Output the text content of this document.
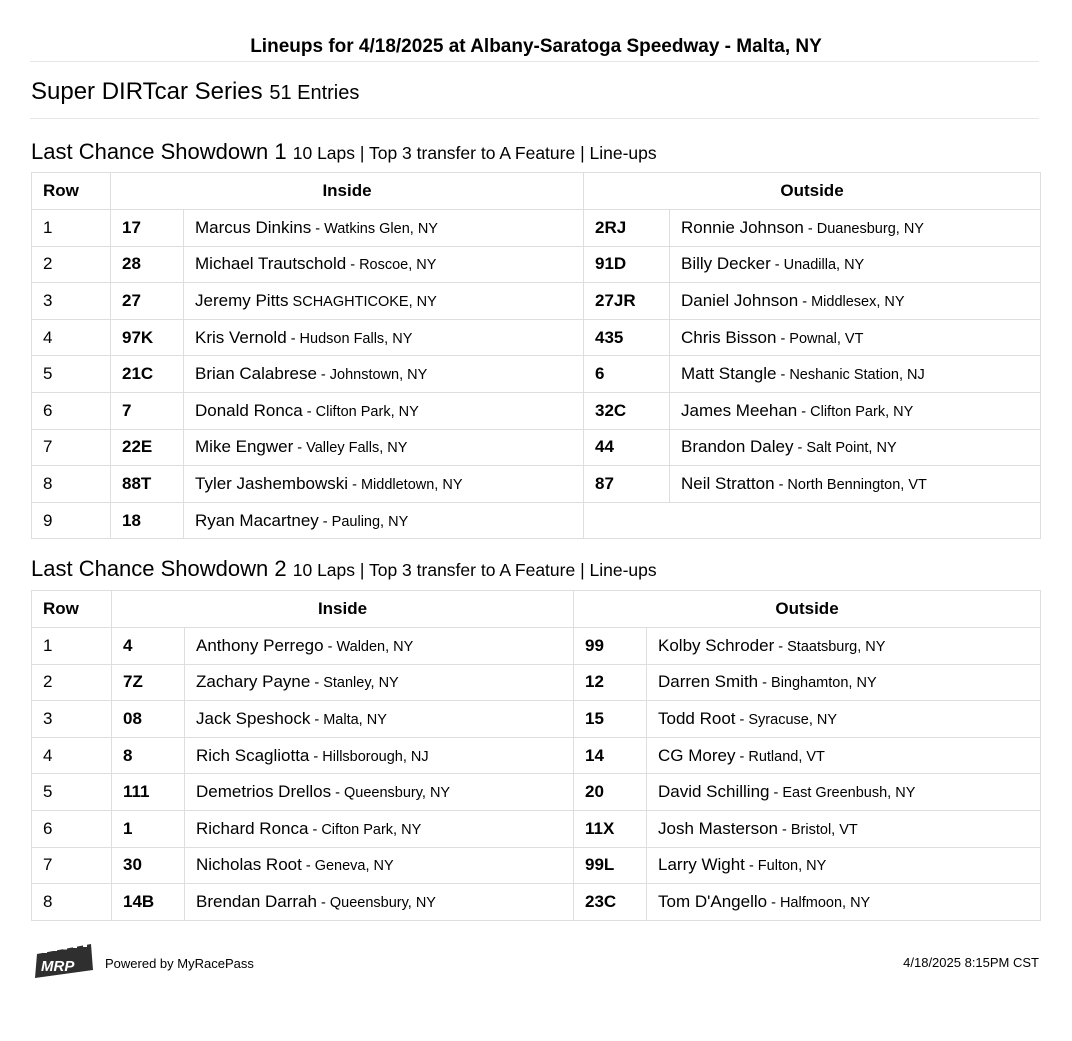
Lineups for 4/18/2025 at Albany-Saratoga Speedway - Malta, NY
Super DIRTcar Series 51 Entries
Last Chance Showdown 1 10 Laps | Top 3 transfer to A Feature | Line-ups
Row	Inside		Outside	
1	17	Marcus Dinkins - Watkins Glen, NY	2RJ	Ronnie Johnson - Duanesburg, NY
2	28	Michael Trautschold - Roscoe, NY	91D	Billy Decker - Unadilla, NY
3	27	Jeremy Pitts SCHAGHTICOKE, NY	27JR	Daniel Johnson - Middlesex, NY
4	97K	Kris Vernold - Hudson Falls, NY	435	Chris Bisson - Pownal, VT
5	21C	Brian Calabrese - Johnstown, NY	6	Matt Stangle - Neshanic Station, NJ
6	7	Donald Ronca - Clifton Park, NY	32C	James Meehan - Clifton Park, NY
7	22E	Mike Engwer - Valley Falls, NY	44	Brandon Daley - Salt Point, NY
8	88T	Tyler Jashembowski - Middletown, NY	87	Neil Stratton - North Bennington, VT
9	18	Ryan Macartney - Pauling, NY		
Last Chance Showdown 2 10 Laps | Top 3 transfer to A Feature | Line-ups
Row	Inside		Outside	
1	4	Anthony Perrego - Walden, NY	99	Kolby Schroder - Staatsburg, NY
2	7Z	Zachary Payne - Stanley, NY	12	Darren Smith - Binghamton, NY
3	08	Jack Speshock - Malta, NY	15	Todd Root - Syracuse, NY
4	8	Rich Scagliotta - Hillsborough, NJ	14	CG Morey - Rutland, VT
5	111	Demetrios Drellos - Queensbury, NY	20	David Schilling - East Greenbush, NY
6	1	Richard Ronca - Cifton Park, NY	11X	Josh Masterson - Bristol, VT
7	30	Nicholas Root - Geneva, NY	99L	Larry Wight - Fulton, NY
8	14B	Brendan Darrah - Queensbury, NY	23C	Tom D'Angello - Halfmoon, NY
MRP Powered by MyRacePass	4/18/2025 8:15PM CST
